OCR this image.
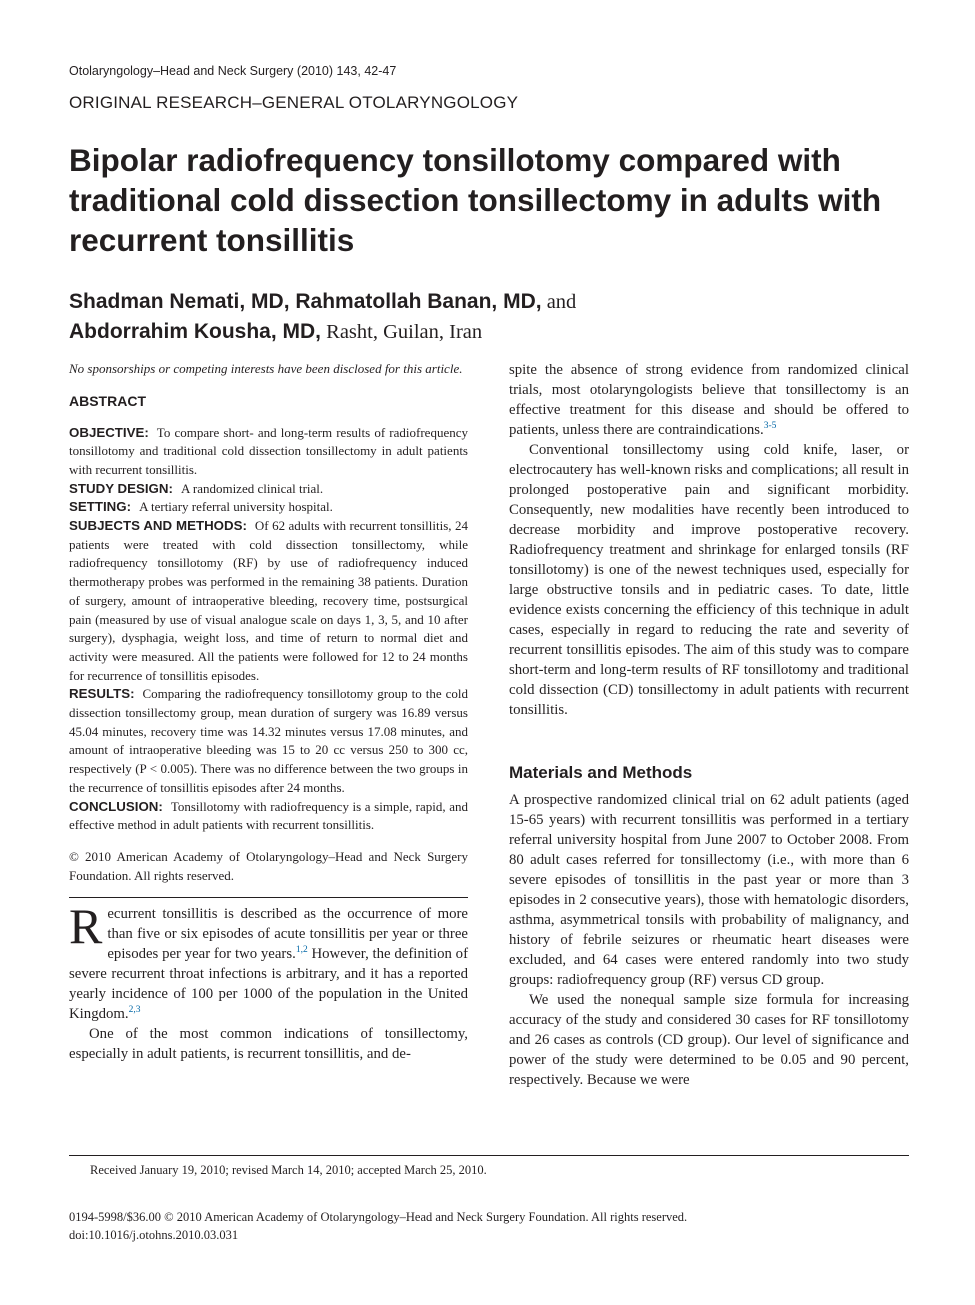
Otolaryngology–Head and Neck Surgery (2010) 143, 42-47
ORIGINAL RESEARCH–GENERAL OTOLARYNGOLOGY
Bipolar radiofrequency tonsillotomy compared with traditional cold dissection tonsillectomy in adults with recurrent tonsillitis
Shadman Nemati, MD, Rahmatollah Banan, MD, and
Abdorrahim Kousha, MD, Rasht, Guilan, Iran

No sponsorships or competing interests have been disclosed for this article.

ABSTRACT

OBJECTIVE: To compare short- and long-term results of radiofrequency tonsillotomy and traditional cold dissection tonsillectomy in adult patients with recurrent tonsillitis.

STUDY DESIGN: A randomized clinical trial.

SETTING: A tertiary referral university hospital.

SUBJECTS AND METHODS: Of 62 adults with recurrent tonsillitis, 24 patients were treated with cold dissection tonsillectomy, while radiofrequency tonsillotomy (RF) by use of radiofrequency induced thermotherapy probes was performed in the remaining 38 patients. Duration of surgery, amount of intraoperative bleeding, recovery time, postsurgical pain (measured by use of visual analogue scale on days 1, 3, 5, and 10 after surgery), dysphagia, weight loss, and time of return to normal diet and activity were measured. All the patients were followed for 12 to 24 months for recurrence of tonsillitis episodes.

RESULTS: Comparing the radiofrequency tonsillotomy group to the cold dissection tonsillectomy group, mean duration of surgery was 16.89 versus 45.04 minutes, recovery time was 14.32 minutes versus 17.08 minutes, and amount of intraoperative bleeding was 15 to 20 cc versus 250 to 300 cc, respectively (P < 0.005). There was no difference between the two groups in the recurrence of tonsillitis episodes after 24 months.

CONCLUSION: Tonsillotomy with radiofrequency is a simple, rapid, and effective method in adult patients with recurrent tonsillitis.

© 2010 American Academy of Otolaryngology–Head and Neck Surgery Foundation. All rights reserved.

Recurrent tonsillitis is described as the occurrence of more than five or six episodes of acute tonsillitis per year or three episodes per year for two years.$^{1,2}$ However, the definition of severe recurrent throat infections is arbitrary, and it has a reported yearly incidence of 100 per 1000 of the population in the United Kingdom.$^{2,3}$

One of the most common indications of tonsillectomy, especially in adult patients, is recurrent tonsillitis, and de-

spite the absence of strong evidence from randomized clinical trials, most otolaryngologists believe that tonsillectomy is an effective treatment for this disease and should be offered to patients, unless there are contraindications.$^{3-5}$

Conventional tonsillectomy using cold knife, laser, or electrocautery has well-known risks and complications; all result in prolonged postoperative pain and significant morbidity. Consequently, new modalities have recently been introduced to decrease morbidity and improve postoperative recovery. Radiofrequency treatment and shrinkage for enlarged tonsils (RF tonsillotomy) is one of the newest techniques used, especially for large obstructive tonsils and in pediatric cases. To date, little evidence exists concerning the efficiency of this technique in adult cases, especially in regard to reducing the rate and severity of recurrent tonsillitis episodes. The aim of this study was to compare short-term and long-term results of RF tonsillotomy and traditional cold dissection (CD) tonsillectomy in adult patients with recurrent tonsillitis.

Materials and Methods

A prospective randomized clinical trial on 62 adult patients (aged 15-65 years) with recurrent tonsillitis was performed in a tertiary referral university hospital from June 2007 to October 2008. From 80 adult cases referred for tonsillectomy (i.e., with more than 6 severe episodes of tonsillitis in the past year or more than 3 episodes in 2 consecutive years), those with hematologic disorders, asthma, asymmetrical tonsils with probability of malignancy, and history of febrile seizures or rheumatic heart diseases were excluded, and 64 cases were entered randomly into two study groups: radiofrequency group (RF) versus CD group.

We used the nonequal sample size formula for increasing accuracy of the study and considered 30 cases for RF tonsillotomy and 26 cases as controls (CD group). Our level of significance and power of the study were determined to be 0.05 and 90 percent, respectively. Because we were

Received January 19, 2010; revised March 14, 2010; accepted March 25, 2010.
0194-5998/$36.00 © 2010 American Academy of Otolaryngology–Head and Neck Surgery Foundation. All rights reserved.
doi:10.1016/j.otohns.2010.03.031
